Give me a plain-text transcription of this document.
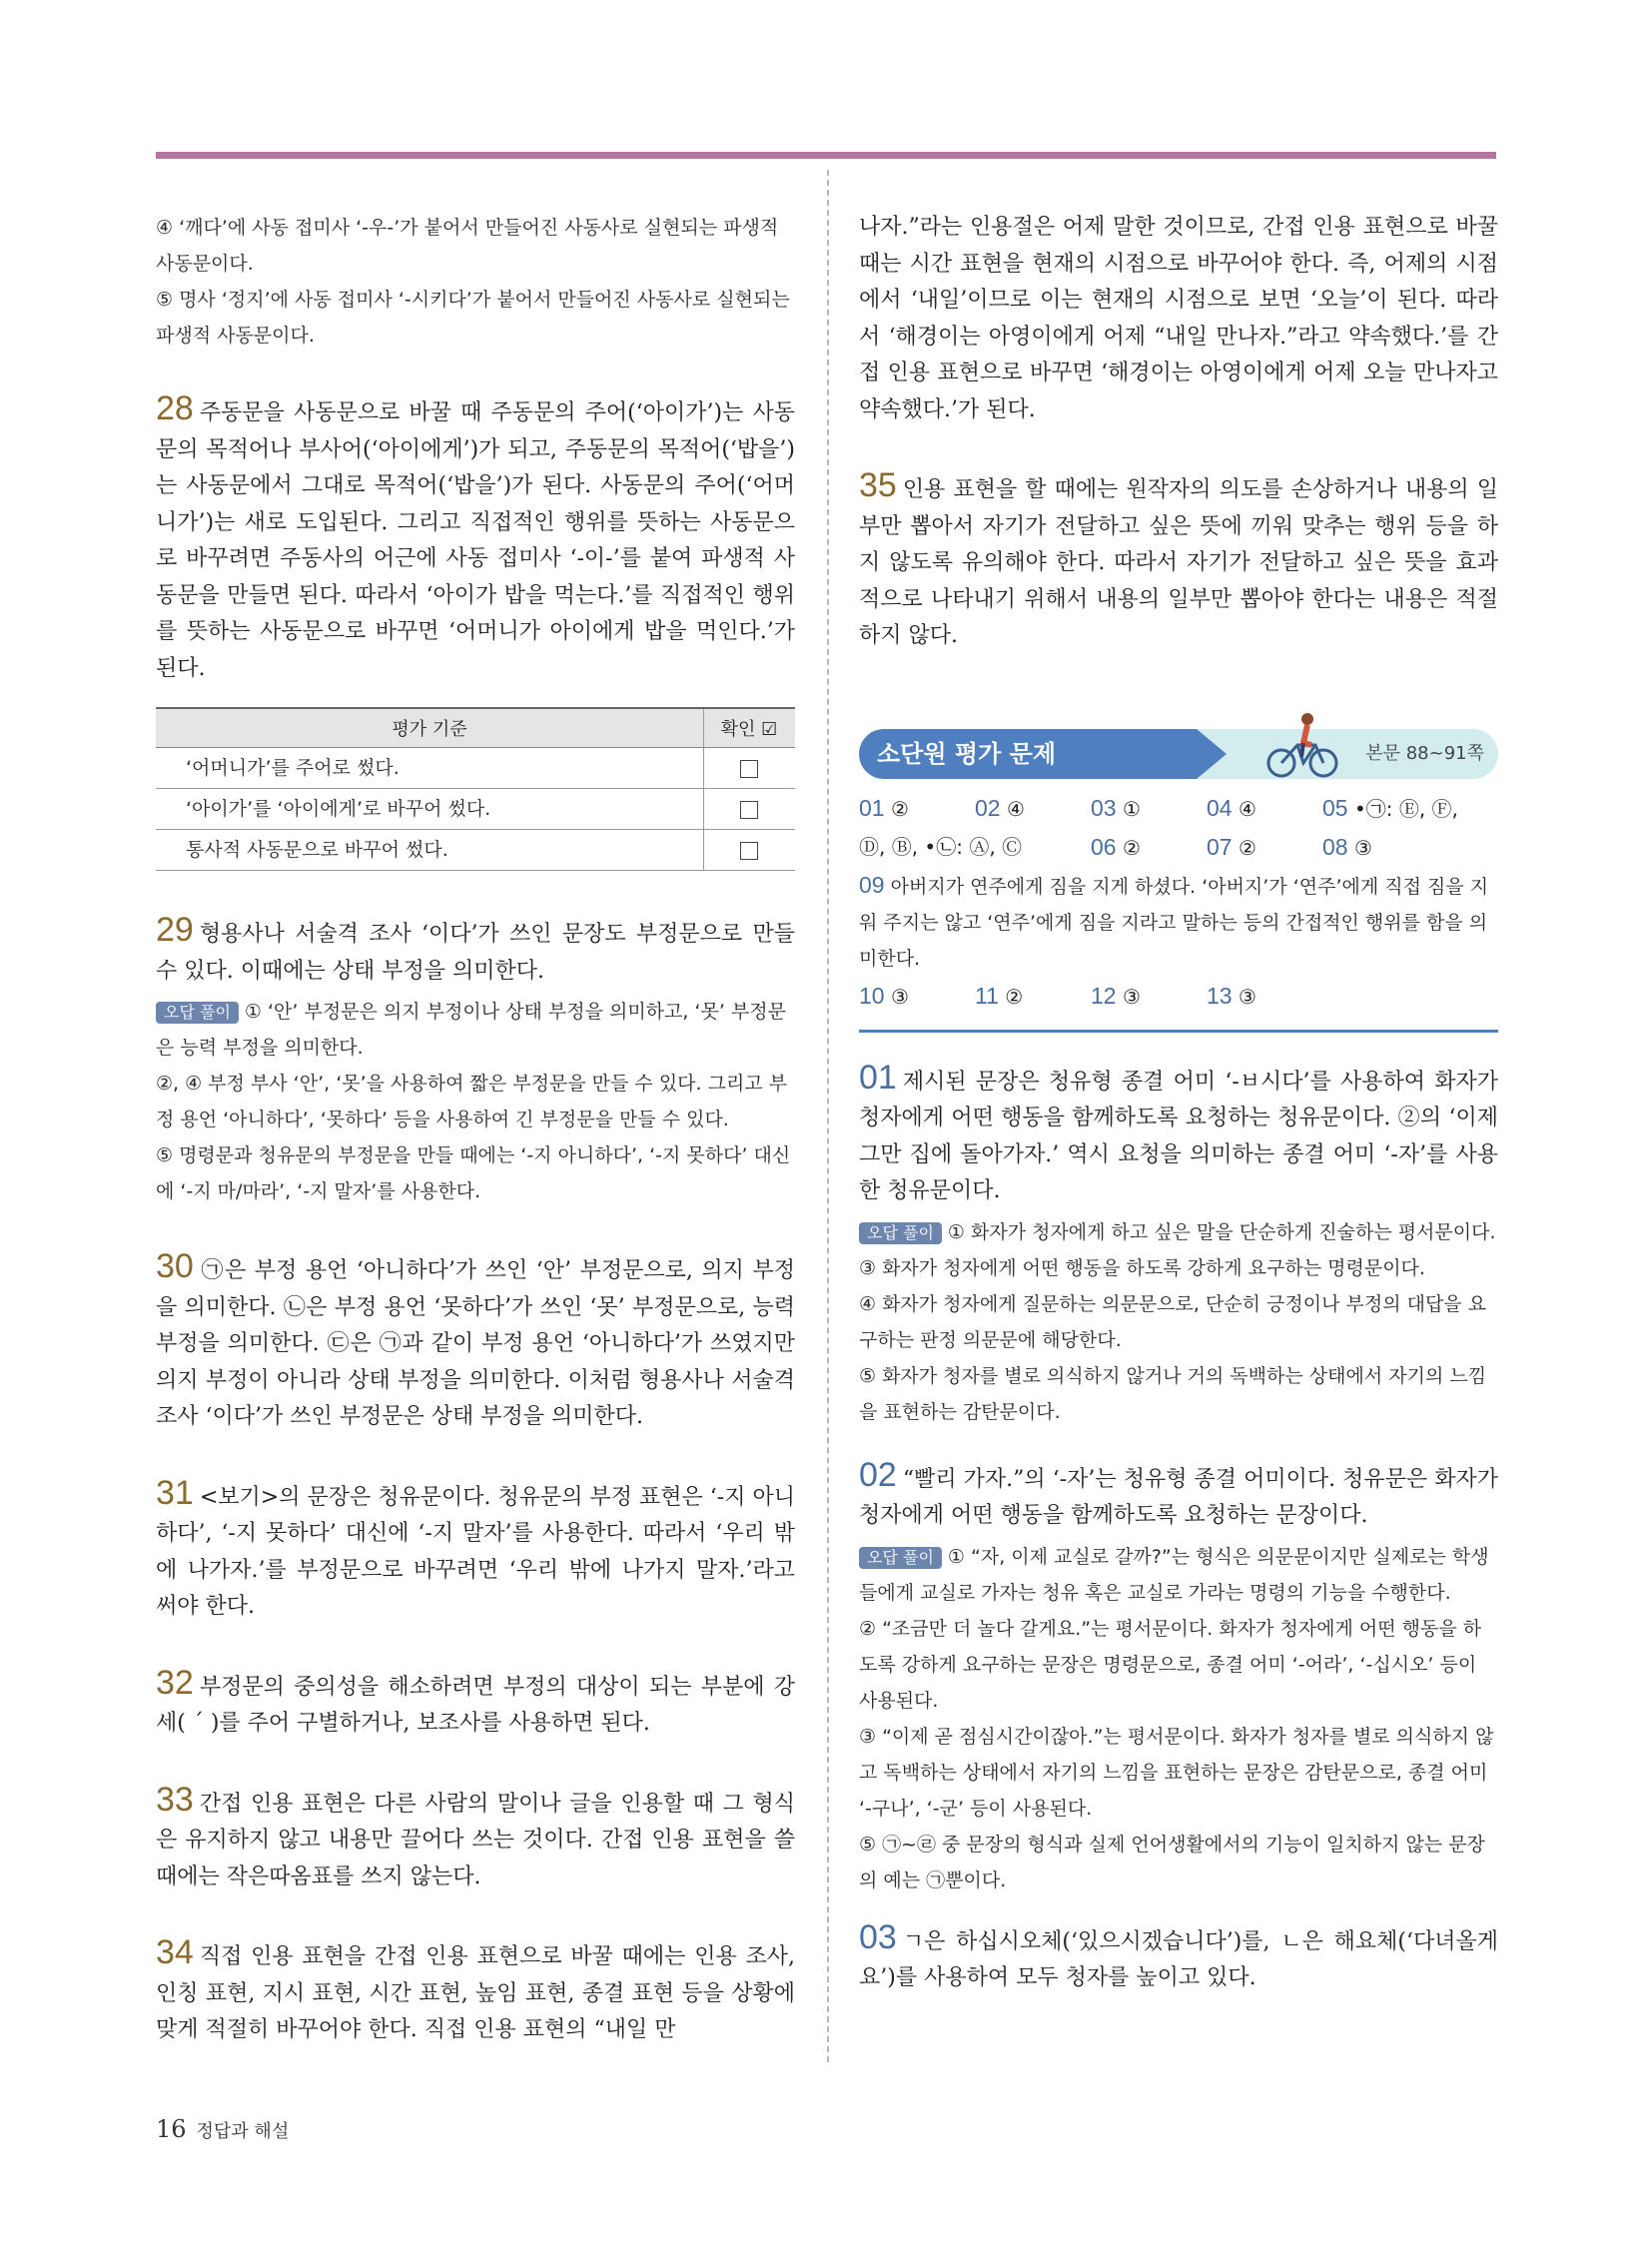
④ ‘깨다’에 사동 접미사 ‘-우-’가 붙어서 만들어진 사동사로 실현되는 파생적 사동문이다.

⑤ 명사 ‘정지’에 사동 접미사 ‘-시키다’가 붙어서 만들어진 사동사로 실현되는 파생적 사동문이다.

28 주동문을 사동문으로 바꿀 때 주동문의 주어(‘아이가’)는 사동문의 목적어나 부사어(‘아이에게’)가 되고, 주동문의 목적어(‘밥을’)는 사동문에서 그대로 목적어(‘밥을’)가 된다. 사동문의 주어(‘어머니가’)는 새로 도입된다. 그리고 직접적인 행위를 뜻하는 사동문으로 바꾸려면 주동사의 어근에 사동 접미사 ‘-이-’를 붙여 파생적 사동문을 만들면 된다. 따라서 ‘아이가 밥을 먹는다.’를 직접적인 행위를 뜻하는 사동문으로 바꾸면 ‘어머니가 아이에게 밥을 먹인다.’가 된다.

평가 기준	확인 ☑
‘어머니가’를 주어로 썼다.	
‘아이가’를 ‘아이에게’로 바꾸어 썼다.	
통사적 사동문으로 바꾸어 썼다.	

29 형용사나 서술격 조사 ‘이다’가 쓰인 문장도 부정문으로 만들 수 있다. 이때에는 상태 부정을 의미한다.

오답 풀이 ① ‘안’ 부정문은 의지 부정이나 상태 부정을 의미하고, ‘못’ 부정문은 능력 부정을 의미한다.

②, ④ 부정 부사 ‘안’, ‘못’을 사용하여 짧은 부정문을 만들 수 있다. 그리고 부정 용언 ‘아니하다’, ‘못하다’ 등을 사용하여 긴 부정문을 만들 수 있다.

⑤ 명령문과 청유문의 부정문을 만들 때에는 ‘-지 아니하다’, ‘-지 못하다’ 대신에 ‘-지 마/마라’, ‘-지 말자’를 사용한다.

30 ㉠은 부정 용언 ‘아니하다’가 쓰인 ‘안’ 부정문으로, 의지 부정을 의미한다. ㉡은 부정 용언 ‘못하다’가 쓰인 ‘못’ 부정문으로, 능력 부정을 의미한다. ㉢은 ㉠과 같이 부정 용언 ‘아니하다’가 쓰였지만 의지 부정이 아니라 상태 부정을 의미한다. 이처럼 형용사나 서술격 조사 ‘이다’가 쓰인 부정문은 상태 부정을 의미한다.

31 <보기>의 문장은 청유문이다. 청유문의 부정 표현은 ‘-지 아니하다’, ‘-지 못하다’ 대신에 ‘-지 말자’를 사용한다. 따라서 ‘우리 밖에 나가자.’를 부정문으로 바꾸려면 ‘우리 밖에 나가지 말자.’라고 써야 한다.

32 부정문의 중의성을 해소하려면 부정의 대상이 되는 부분에 강세( ˊ )를 주어 구별하거나, 보조사를 사용하면 된다.

33 간접 인용 표현은 다른 사람의 말이나 글을 인용할 때 그 형식은 유지하지 않고 내용만 끌어다 쓰는 것이다. 간접 인용 표현을 쓸 때에는 작은따옴표를 쓰지 않는다.

34 직접 인용 표현을 간접 인용 표현으로 바꿀 때에는 인용 조사, 인칭 표현, 지시 표현, 시간 표현, 높임 표현, 종결 표현 등을 상황에 맞게 적절히 바꾸어야 한다. 직접 인용 표현의 “내일 만

나자.”라는 인용절은 어제 말한 것이므로, 간접 인용 표현으로 바꿀 때는 시간 표현을 현재의 시점으로 바꾸어야 한다. 즉, 어제의 시점에서 ‘내일’이므로 이는 현재의 시점으로 보면 ‘오늘’이 된다. 따라서 ‘해경이는 아영이에게 어제 “내일 만나자.”라고 약속했다.’를 간접 인용 표현으로 바꾸면 ‘해경이는 아영이에게 어제 오늘 만나자고 약속했다.’가 된다.

35 인용 표현을 할 때에는 원작자의 의도를 손상하거나 내용의 일부만 뽑아서 자기가 전달하고 싶은 뜻에 끼워 맞추는 행위 등을 하지 않도록 유의해야 한다. 따라서 자기가 전달하고 싶은 뜻을 효과적으로 나타내기 위해서 내용의 일부만 뽑아야 한다는 내용은 적절하지 않다.

소단원 평가 문제	본문 88~91쪽
01 ②	02 ④	03 ①	04 ④	05 •㉠: Ⓔ, Ⓕ,
Ⓓ, Ⓑ, •㉡: Ⓐ, Ⓒ	06 ②	07 ②	08 ③

09 아버지가 연주에게 짐을 지게 하셨다. ‘아버지’가 ‘연주’에게 직접 짐을 지워 주지는 않고 ‘연주’에게 짐을 지라고 말하는 등의 간접적인 행위를 함을 의미한다.

10 ③	11 ②	12 ③	13 ③

01 제시된 문장은 청유형 종결 어미 ‘-ㅂ시다’를 사용하여 화자가 청자에게 어떤 행동을 함께하도록 요청하는 청유문이다. ②의 ‘이제 그만 집에 돌아가자.’ 역시 요청을 의미하는 종결 어미 ‘-자’를 사용한 청유문이다.

오답 풀이 ① 화자가 청자에게 하고 싶은 말을 단순하게 진술하는 평서문이다.

③ 화자가 청자에게 어떤 행동을 하도록 강하게 요구하는 명령문이다.

④ 화자가 청자에게 질문하는 의문문으로, 단순히 긍정이나 부정의 대답을 요구하는 판정 의문문에 해당한다.

⑤ 화자가 청자를 별로 의식하지 않거나 거의 독백하는 상태에서 자기의 느낌을 표현하는 감탄문이다.

02 “빨리 가자.”의 ‘-자’는 청유형 종결 어미이다. 청유문은 화자가 청자에게 어떤 행동을 함께하도록 요청하는 문장이다.

오답 풀이 ① “자, 이제 교실로 갈까?”는 형식은 의문문이지만 실제로는 학생들에게 교실로 가자는 청유 혹은 교실로 가라는 명령의 기능을 수행한다.

② “조금만 더 놀다 갈게요.”는 평서문이다. 화자가 청자에게 어떤 행동을 하도록 강하게 요구하는 문장은 명령문으로, 종결 어미 ‘-어라’, ‘-십시오’ 등이 사용된다.

③ “이제 곧 점심시간이잖아.”는 평서문이다. 화자가 청자를 별로 의식하지 않고 독백하는 상태에서 자기의 느낌을 표현하는 문장은 감탄문으로, 종결 어미 ‘-구나’, ‘-군’ 등이 사용된다.

⑤ ㉠~㉣ 중 문장의 형식과 실제 언어생활에서의 기능이 일치하지 않는 문장의 예는 ㉠뿐이다.

03 ㄱ은 하십시오체(‘있으시겠습니다’)를, ㄴ은 해요체(‘다녀올게요’)를 사용하여 모두 청자를 높이고 있다.

16 정답과 해설
